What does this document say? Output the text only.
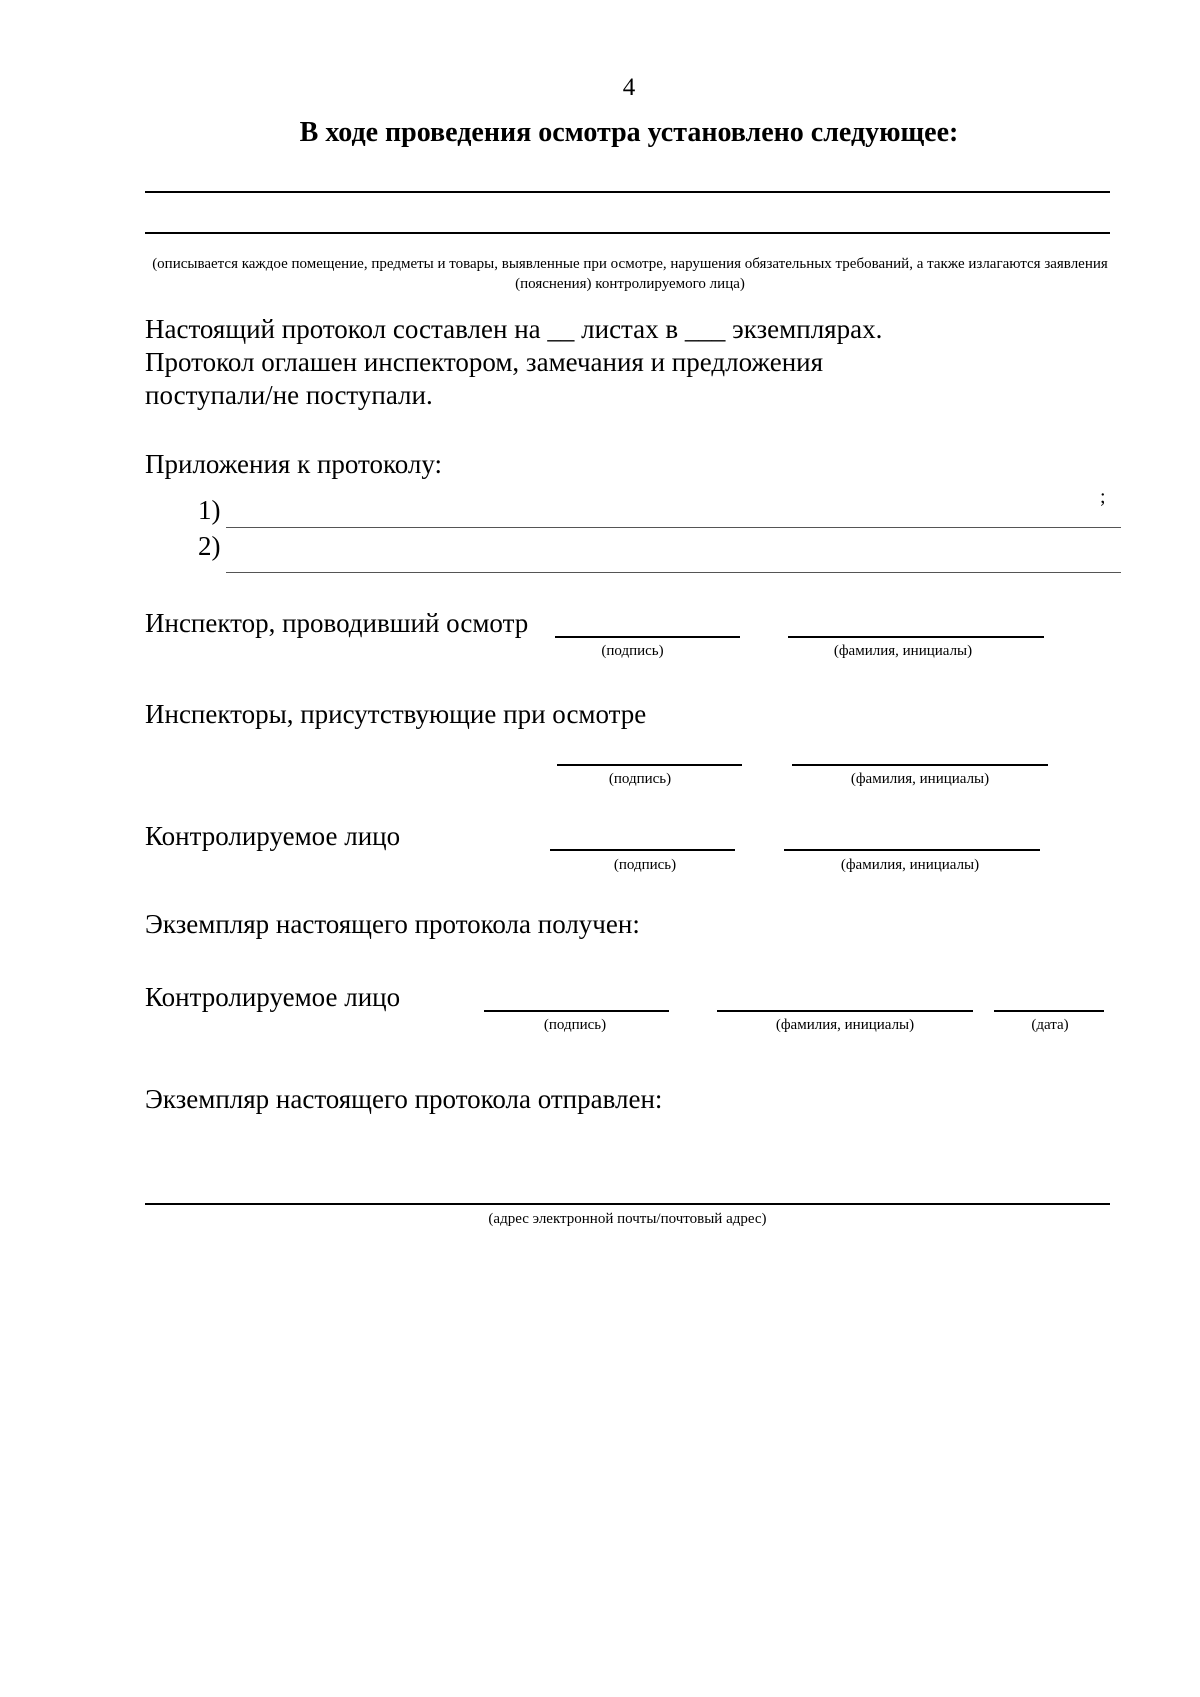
4
В ходе проведения осмотра установлено следующее:
(описывается каждое помещение, предметы и товары, выявленные при осмотре, нарушения обязательных требований, а также излагаются заявления (пояснения) контролируемого лица)
Настоящий протокол составлен на __ листах в ___ экземплярах.
Протокол оглашен инспектором, замечания и предложения
поступали/не поступали.
Приложения к протоколу:
1)	;
2)
Инспектор, проводивший осмотр
(подпись)	(фамилия, инициалы)
Инспекторы, присутствующие при осмотре
(подпись)	(фамилия, инициалы)
Контролируемое лицо
(подпись)	(фамилия, инициалы)
Экземпляр настоящего протокола получен:
Контролируемое лицо
(подпись)	(фамилия, инициалы)	(дата)
Экземпляр настоящего протокола отправлен:
(адрес электронной почты/почтовый адрес)
